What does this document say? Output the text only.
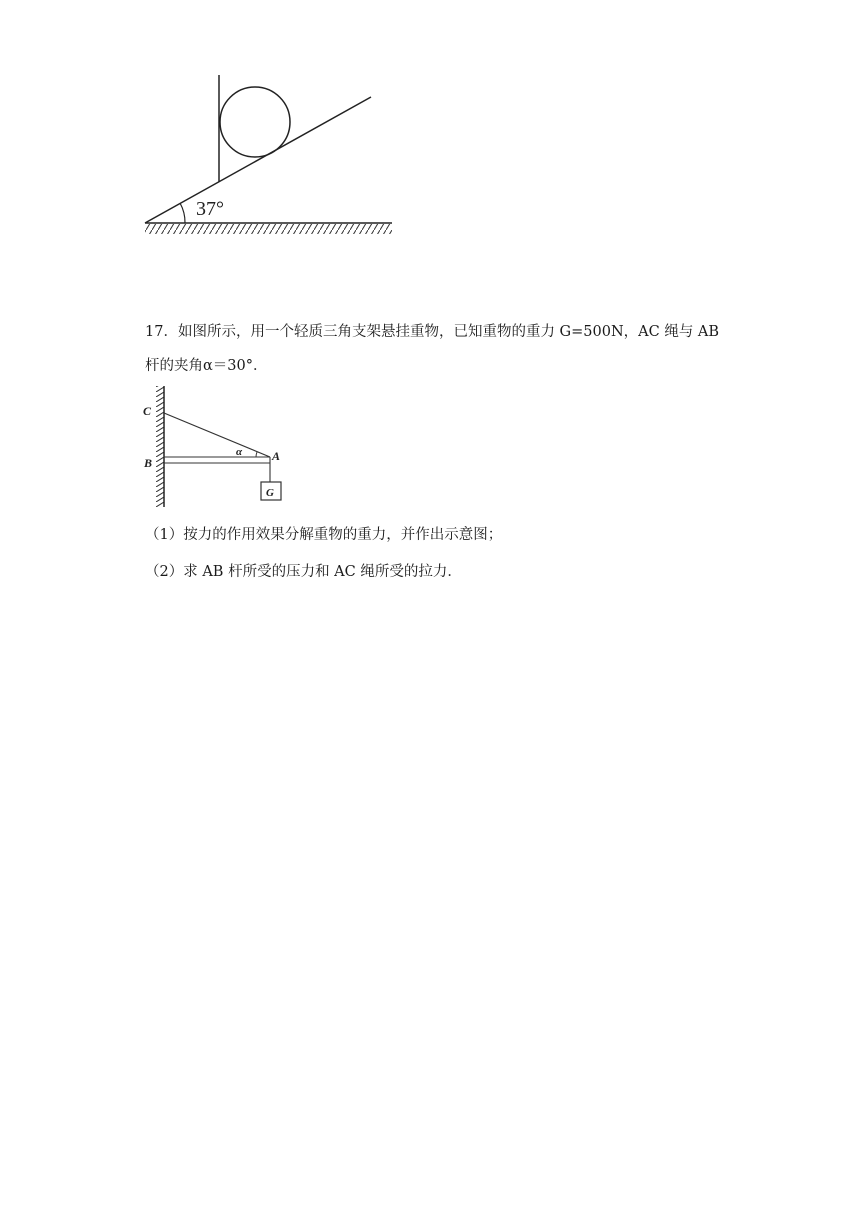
37°
17．如图所示，用一个轻质三角支架悬挂重物，已知重物的重力 G=500N，AC 绳与 AB
杆的夹角α＝30°．
C
B	A
α
G
（1）按力的作用效果分解重物的重力，并作出示意图；
（2）求 AB 杆所受的压力和 AC 绳所受的拉力．
